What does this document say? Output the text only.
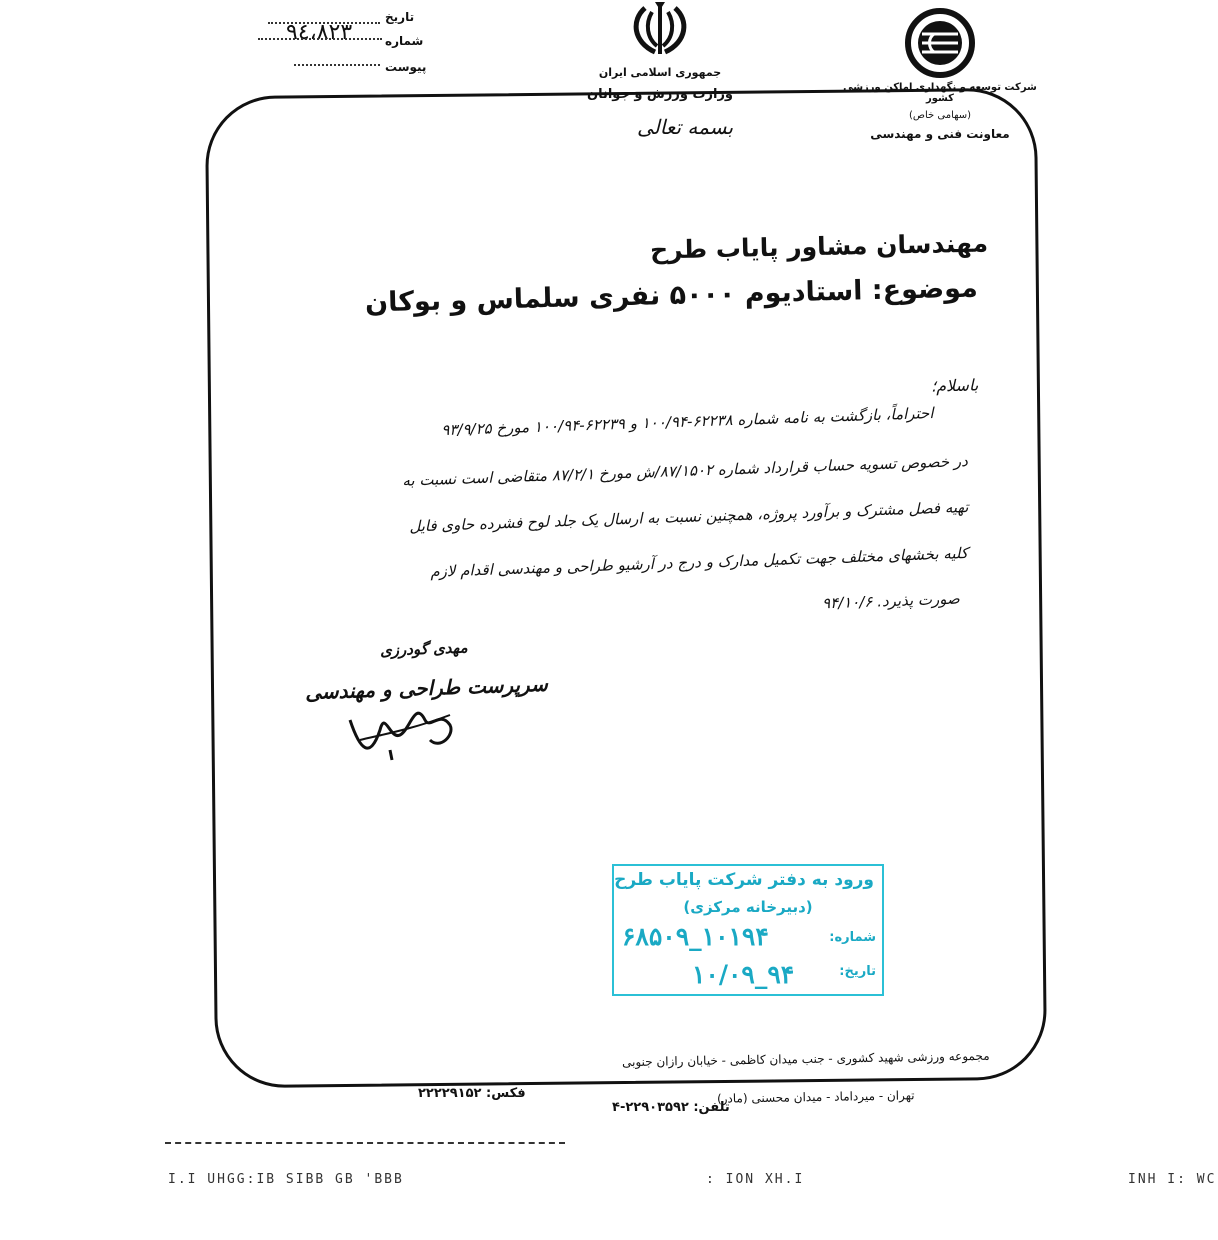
تاریخ
شماره
۹٤،٨٢٣
پیوست	جمهوری اسلامی ایران
وزارت ورزش و جوانان	شرکت توسعه و نگهداری اماکن ورزشی کشور
(سهامی خاص)
معاونت فنی و مهندسی
بسمه تعالی
مهندسان مشاور پایاب طرح
موضوع: استادیوم ۵۰۰۰ نفری سلماس و بوکان
باسلام؛
احتراماً، بازگشت به نامه شماره ۶۲۲۳۸-۱۰۰/۹۴ و ۶۲۲۳۹-۱۰۰/۹۴ مورخ ۹۳/۹/۲۵
در خصوص تسویه حساب قرارداد شماره ۸۷/۱۵۰۲/ش مورخ ۸۷/۲/۱ متقاضی است نسبت به
تهیه فصل مشترک و برآورد پروژه، همچنین نسبت به ارسال یک جلد لوح فشرده حاوی فایل
کلیه بخشهای مختلف جهت تکمیل مدارک و درج در آرشیو طراحی و مهندسی اقدام لازم
صورت پذیرد. ۹۴/۱۰/۶
مهدی گودرزی
سرپرست طراحی و مهندسی
ورود به دفتر شرکت پایاب طرح
(دبیرخانه مرکزی)
شماره:
۱۰۱۹۴_۶۸۵۰۹
تاریخ:
۹۴_۱۰/۰۹
مجموعه ورزشی شهید کشوری - جنب میدان کاظمی - خیابان رازان جنوبی
تهران - میرداماد - میدان محسنی (مادر)
فکس: ۲۲۲۲۹۱۵۲
تلفن: ۲۲۹۰۳۵۹۲-۴
I.I UHGG:IB SIBB GB 'BBB	: ION XH.I	INH I: WC
